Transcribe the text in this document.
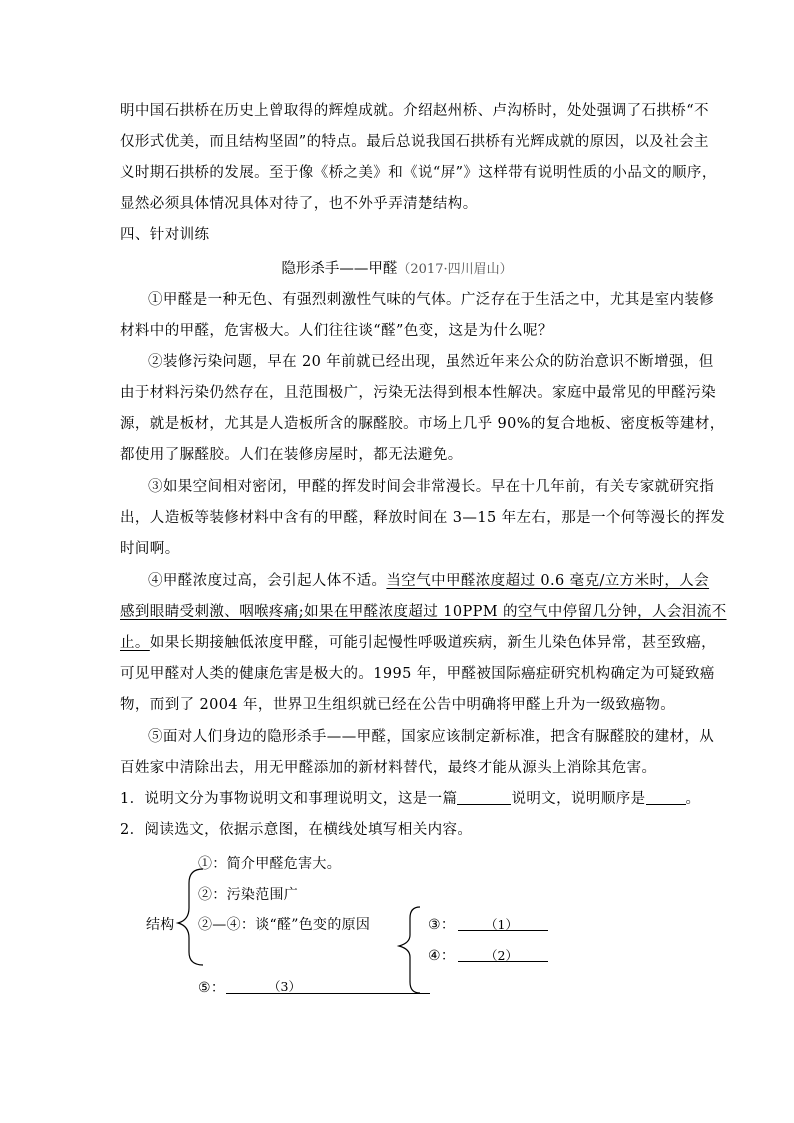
明中国石拱桥在历史上曾取得的辉煌成就。介绍赵州桥、卢沟桥时，处处强调了石拱桥“不
仅形式优美，而且结构坚固”的特点。最后总说我国石拱桥有光辉成就的原因，以及社会主
义时期石拱桥的发展。至于像《桥之美》和《说“屏”》这样带有说明性质的小品文的顺序，
显然必须具体情况具体对待了，也不外乎弄清楚结构。
四、针对训练
隐形杀手——甲醛（2017·四川眉山）
①甲醛是一种无色、有强烈刺激性气味的气体。广泛存在于生活之中，尤其是室内装修
材料中的甲醛，危害极大。人们往往谈“醛”色变，这是为什么呢？
②装修污染问题，早在 20 年前就已经出现，虽然近年来公众的防治意识不断增强，但
由于材料污染仍然存在，且范围极广，污染无法得到根本性解决。家庭中最常见的甲醛污染
源，就是板材，尤其是人造板所含的脲醛胶。市场上几乎 90%的复合地板、密度板等建材，
都使用了脲醛胶。人们在装修房屋时，都无法避免。
③如果空间相对密闭，甲醛的挥发时间会非常漫长。早在十几年前，有关专家就研究指
出，人造板等装修材料中含有的甲醛，释放时间在 3—15 年左右，那是一个何等漫长的挥发
时间啊。
④甲醛浓度过高，会引起人体不适。当空气中甲醛浓度超过 0.6 毫克/立方米时，人会
感到眼睛受刺激、咽喉疼痛;如果在甲醛浓度超过 10PPM 的空气中停留几分钟，人会泪流不
止。如果长期接触低浓度甲醛，可能引起慢性呼吸道疾病，新生儿染色体异常，甚至致癌，
可见甲醛对人类的健康危害是极大的。1995 年，甲醛被国际癌症研究机构确定为可疑致癌
物，而到了 2004 年，世界卫生组织就已经在公告中明确将甲醛上升为一级致癌物。
⑤面对人们身边的隐形杀手——甲醛，国家应该制定新标准，把含有脲醛胶的建材，从
百姓家中清除出去，用无甲醛添加的新材料替代，最终才能从源头上消除其危害。
1．说明文分为事物说明文和事理说明文，这是一篇	说明文，说明顺序是	。
2．阅读选文，依据示意图，在横线处填写相关内容。
结构
①：简介甲醛危害大。
②：污染范围广
②—④：谈“醛”色变的原因
⑤：	（3）
③： （1）
④： （2）
